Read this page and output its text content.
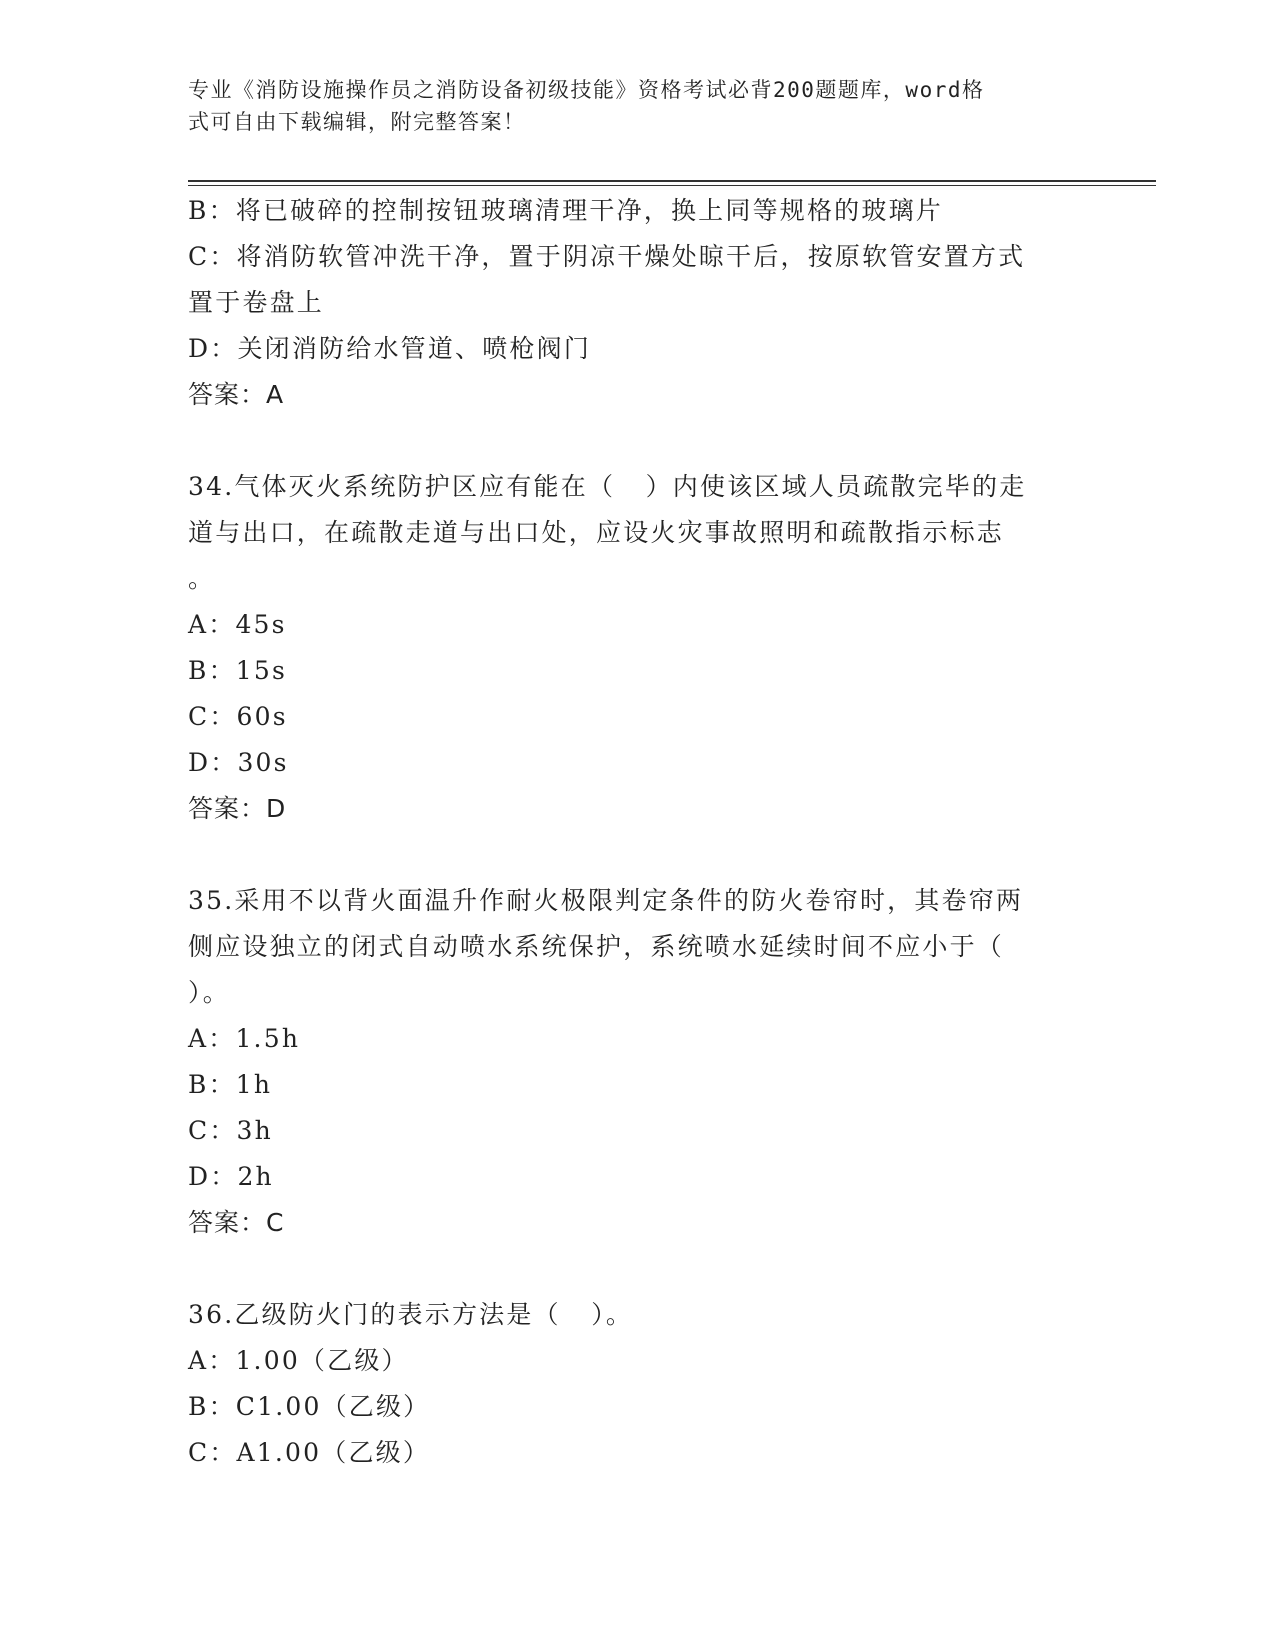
专业《消防设施操作员之消防设备初级技能》资格考试必背200题题库，word格
式可自由下载编辑，附完整答案！
B：将已破碎的控制按钮玻璃清理干净，换上同等规格的玻璃片
C：将消防软管冲洗干净，置于阴凉干燥处晾干后，按原软管安置方式
置于卷盘上
D：关闭消防给水管道、喷枪阀门
答案：A
34.气体灭火系统防护区应有能在（   ）内使该区域人员疏散完毕的走
道与出口，在疏散走道与出口处，应设火灾事故照明和疏散指示标志
。
A：45s
B：15s
C：60s
D：30s
答案：D
35.采用不以背火面温升作耐火极限判定条件的防火卷帘时，其卷帘两
侧应设独立的闭式自动喷水系统保护，系统喷水延续时间不应小于（
）。
A：1.5h
B：1h
C：3h
D：2h
答案：C
36.乙级防火门的表示方法是（   ）。
A：1.00（乙级）
B：C1.00（乙级）
C：A1.00（乙级）
